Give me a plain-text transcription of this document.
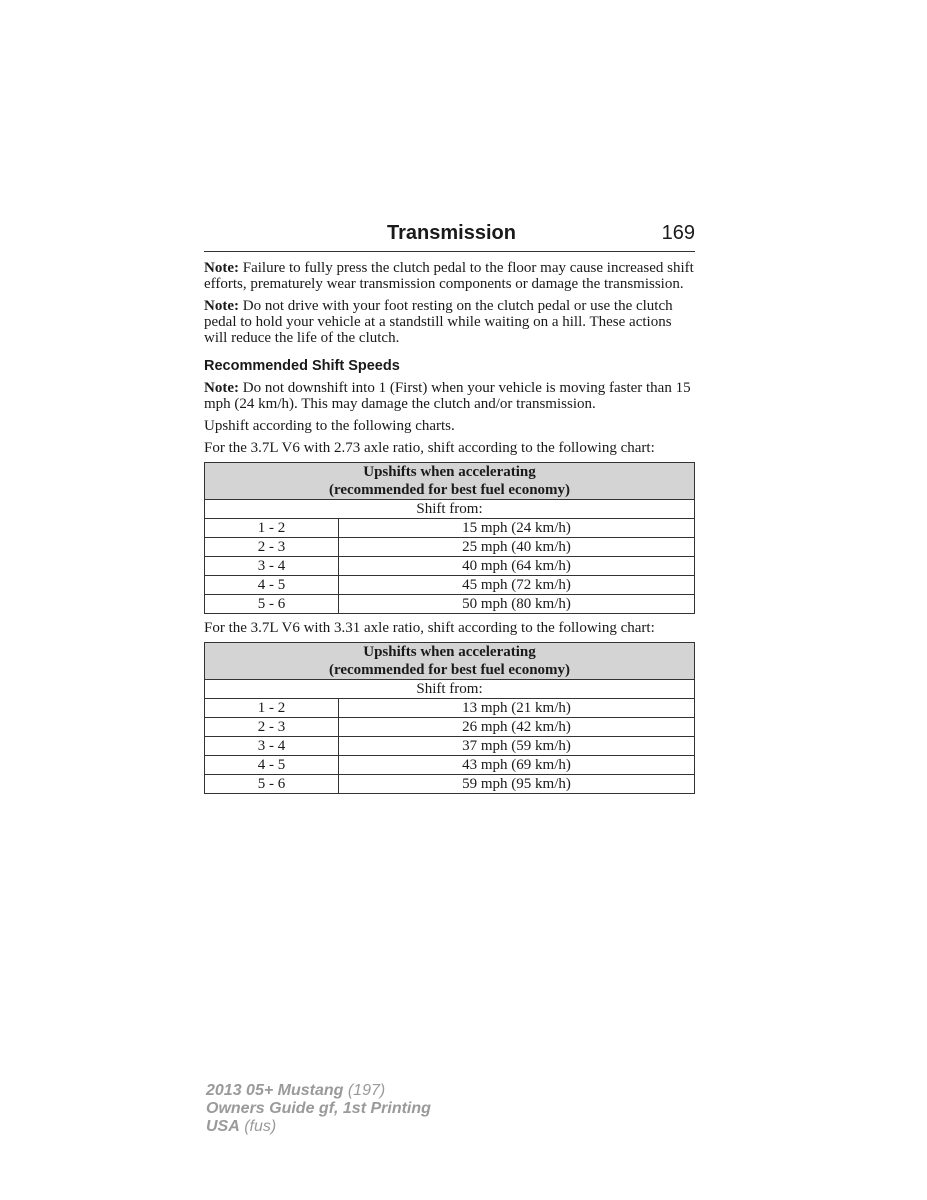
Transmission	169

Note: Failure to fully press the clutch pedal to the floor may cause increased shift efforts, prematurely wear transmission components or damage the transmission.

Note: Do not drive with your foot resting on the clutch pedal or use the clutch pedal to hold your vehicle at a standstill while waiting on a hill. These actions will reduce the life of the clutch.

Recommended Shift Speeds

Note: Do not downshift into 1 (First) when your vehicle is moving faster than 15 mph (24 km/h). This may damage the clutch and/or transmission.

Upshift according to the following charts.

For the 3.7L V6 with 2.73 axle ratio, shift according to the following chart:

Upshifts when accelerating
(recommended for best fuel economy)	
Shift from:	
1 - 2	15 mph (24 km/h)
2 - 3	25 mph (40 km/h)
3 - 4	40 mph (64 km/h)
4 - 5	45 mph (72 km/h)
5 - 6	50 mph (80 km/h)

For the 3.7L V6 with 3.31 axle ratio, shift according to the following chart:

Upshifts when accelerating
(recommended for best fuel economy)	
Shift from:	
1 - 2	13 mph (21 km/h)
2 - 3	26 mph (42 km/h)
3 - 4	37 mph (59 km/h)
4 - 5	43 mph (69 km/h)
5 - 6	59 mph (95 km/h)
2013 05+ Mustang (197)
Owners Guide gf, 1st Printing
USA (fus)
